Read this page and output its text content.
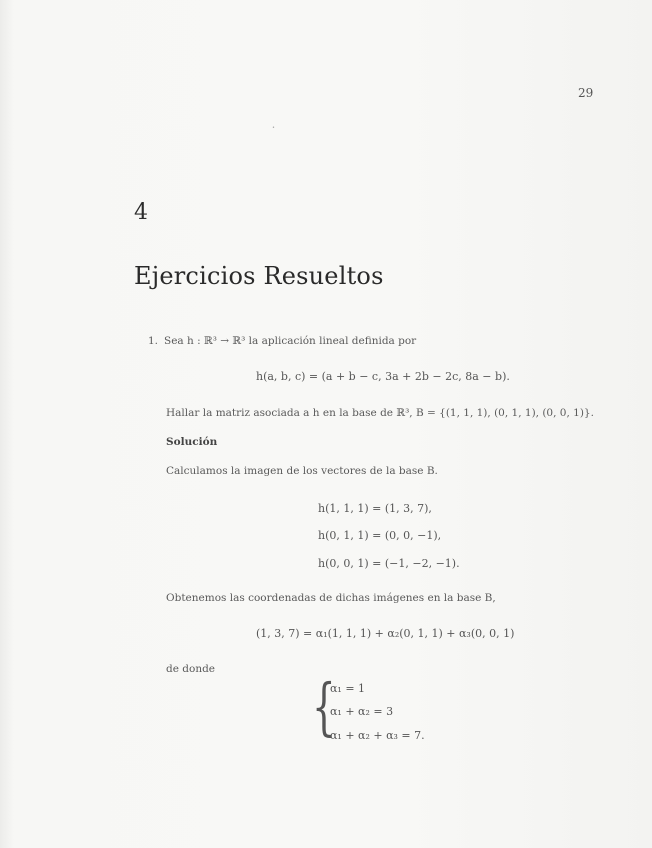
29
•
4
Ejercicios Resueltos
1. Sea h : ℝ³ → ℝ³ la aplicación lineal definida por
h(a, b, c) = (a + b − c, 3a + 2b − 2c, 8a − b).
Hallar la matriz asociada a h en la base de ℝ³, B = {(1, 1, 1), (0, 1, 1), (0, 0, 1)}.
Solución
Calculamos la imagen de los vectores de la base B.
h(1, 1, 1) = (1, 3, 7),
h(0, 1, 1) = (0, 0, −1),
h(0, 0, 1) = (−1, −2, −1).
Obtenemos las coordenadas de dichas imágenes en la base B,
(1, 3, 7) = α₁(1, 1, 1) + α₂(0, 1, 1) + α₃(0, 0, 1)
de donde
{
α₁ = 1
α₁ + α₂ = 3
α₁ + α₂ + α₃ = 7.
